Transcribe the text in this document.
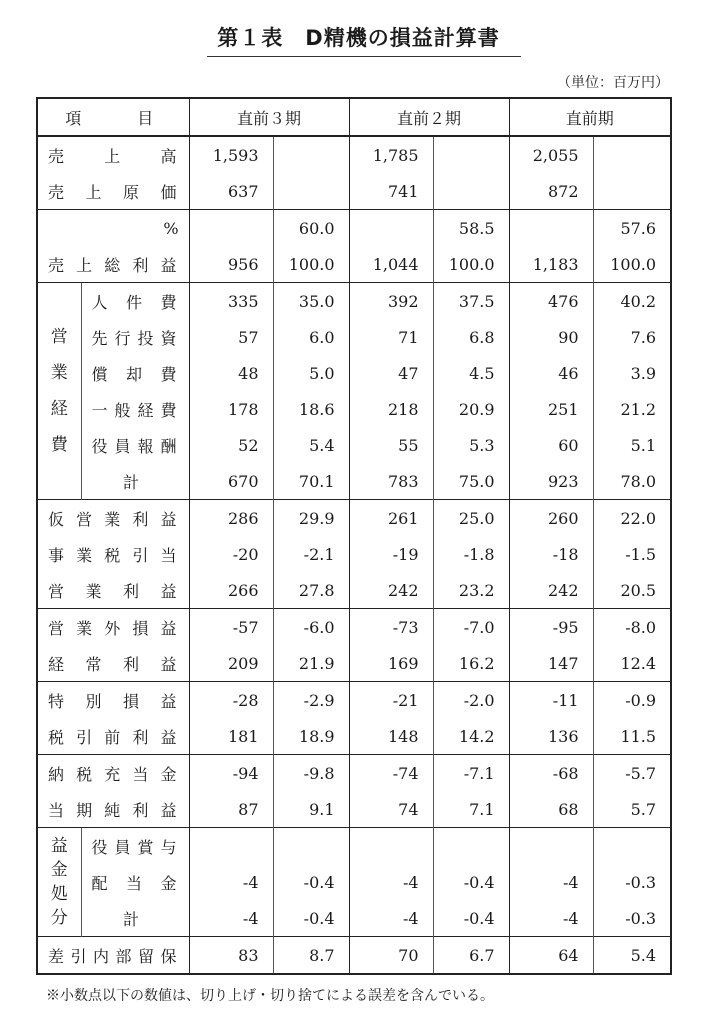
第１表　D精機の損益計算書
（単位：百万円）
項　　目		直前３期		直前２期		直前期	
売　上　高		1,593		1,785		2,055	
売上原価		637		741		872	
%			60.0		58.5		57.6
売上総利益		956	100.0	1,044	100.0	1,183	100.0

営
業
経
費	人件費	335	35.0	392	37.5	476	40.2
	先行投資	57	6.0	71	6.8	90	7.6
	償却費	48	5.0	47	4.5	46	3.9
	一般経費	178	18.6	218	20.9	251	21.2
	役員報酬	52	5.4	55	5.3	60	5.1
	計	670	70.1	783	75.0	923	78.0
仮営業利益		286	29.9	261	25.0	260	22.0
事業税引当		-20	-2.1	-19	-1.8	-18	-1.5
営業利益		266	27.8	242	23.2	242	20.5
営業外損益		-57	-6.0	-73	-7.0	-95	-8.0
経常利益		209	21.9	169	16.2	147	12.4
特別損益		-28	-2.9	-21	-2.0	-11	-0.9
税引前利益		181	18.9	148	14.2	136	11.5
納税充当金		-94	-9.8	-74	-7.1	-68	-5.7
当期純利益		87	9.1	74	7.1	68	5.7

益
金
処
分	役員賞与						
	配当金	-4	-0.4	-4	-0.4	-4	-0.3
	計	-4	-0.4	-4	-0.4	-4	-0.3
差引内部留保		83	8.7	70	6.7	64	5.4
※小数点以下の数値は、切り上げ・切り捨てによる誤差を含んでいる。
